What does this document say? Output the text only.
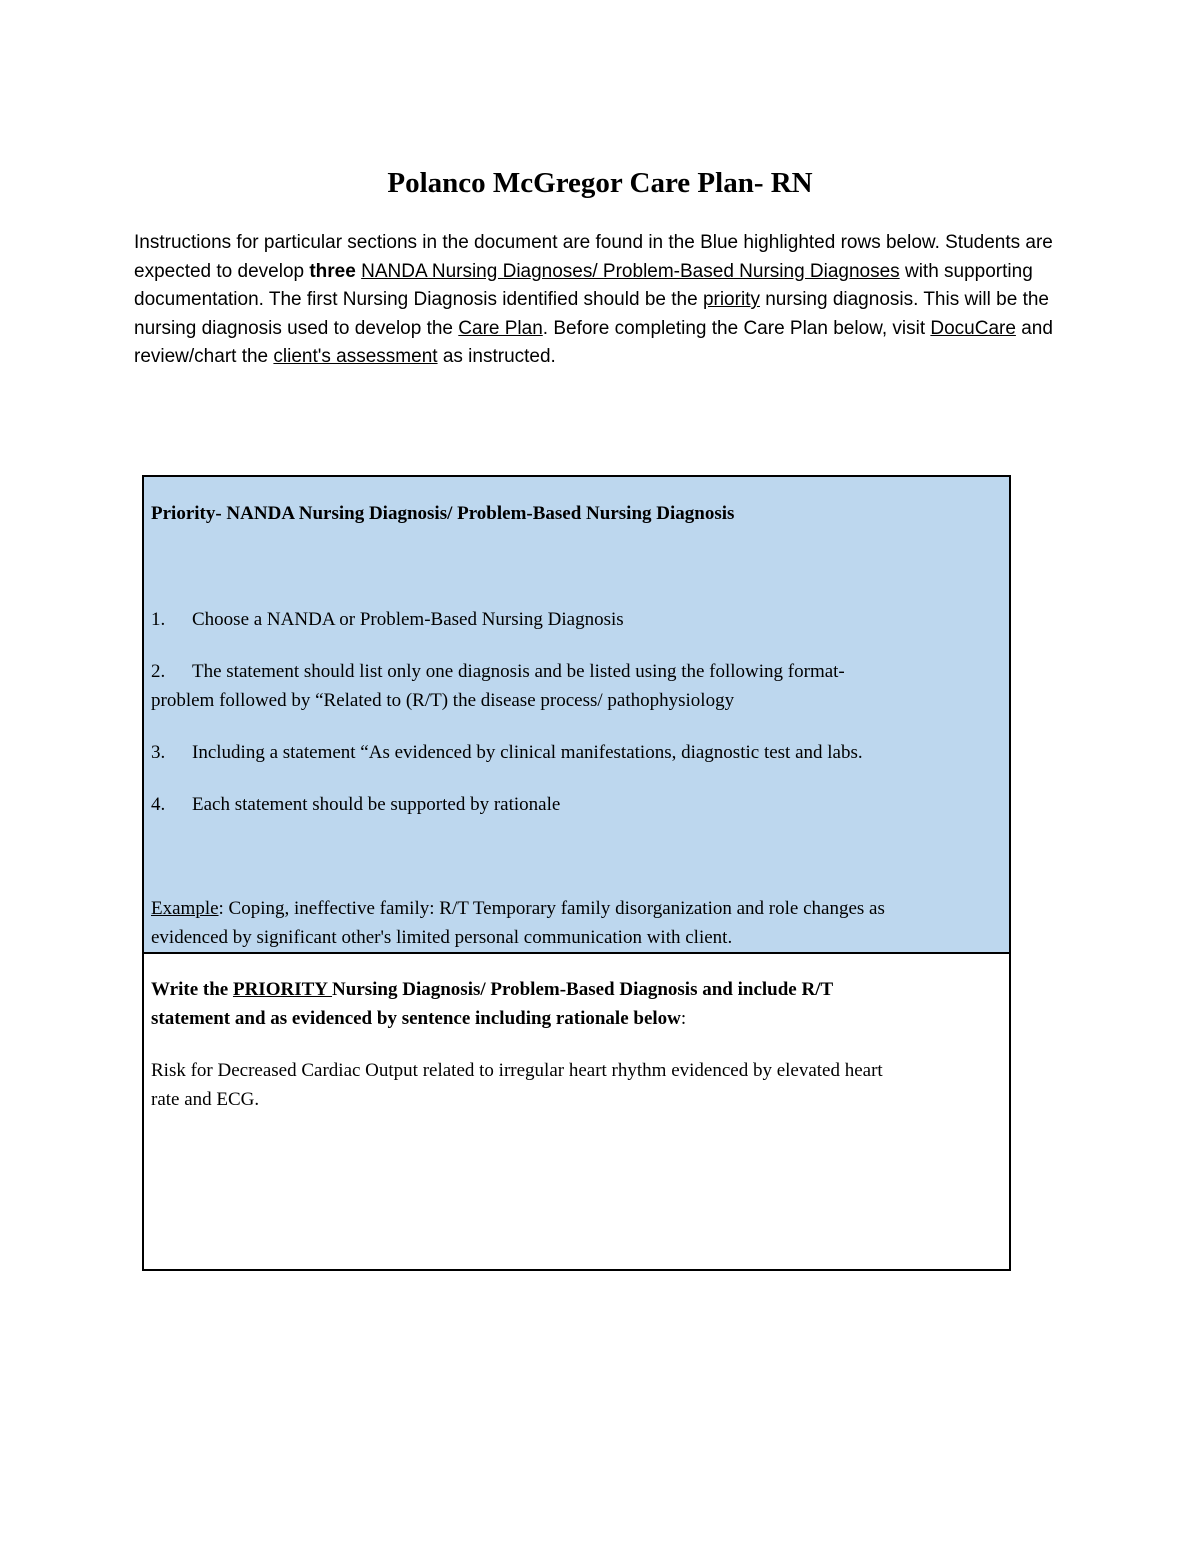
Polanco McGregor Care Plan- RN

Instructions for particular sections in the document are found in the Blue highlighted rows below. Students are expected to develop three NANDA Nursing Diagnoses/ Problem-Based Nursing Diagnoses with supporting documentation. The first Nursing Diagnosis identified should be the priority nursing diagnosis. This will be the nursing diagnosis used to develop the Care Plan. Before completing the Care Plan below, visit DocuCare and review/chart the client's assessment as instructed.

Priority- NANDA Nursing Diagnosis/ Problem-Based Nursing Diagnosis
1. Choose a NANDA or Problem-Based Nursing Diagnosis
2. The statement should list only one diagnosis and be listed using the following format-
problem followed by “Related to (R/T) the disease process/ pathophysiology
3. Including a statement “As evidenced by clinical manifestations, diagnostic test and labs.
4. Each statement should be supported by rationale
Example: Coping, ineffective family: R/T Temporary family disorganization and role changes as
evidenced by significant other's limited personal communication with client.
Write the PRIORITY Nursing Diagnosis/ Problem-Based Diagnosis and include R/T
statement and as evidenced by sentence including rationale below:
Risk for Decreased Cardiac Output related to irregular heart rhythm evidenced by elevated heart
rate and ECG.
